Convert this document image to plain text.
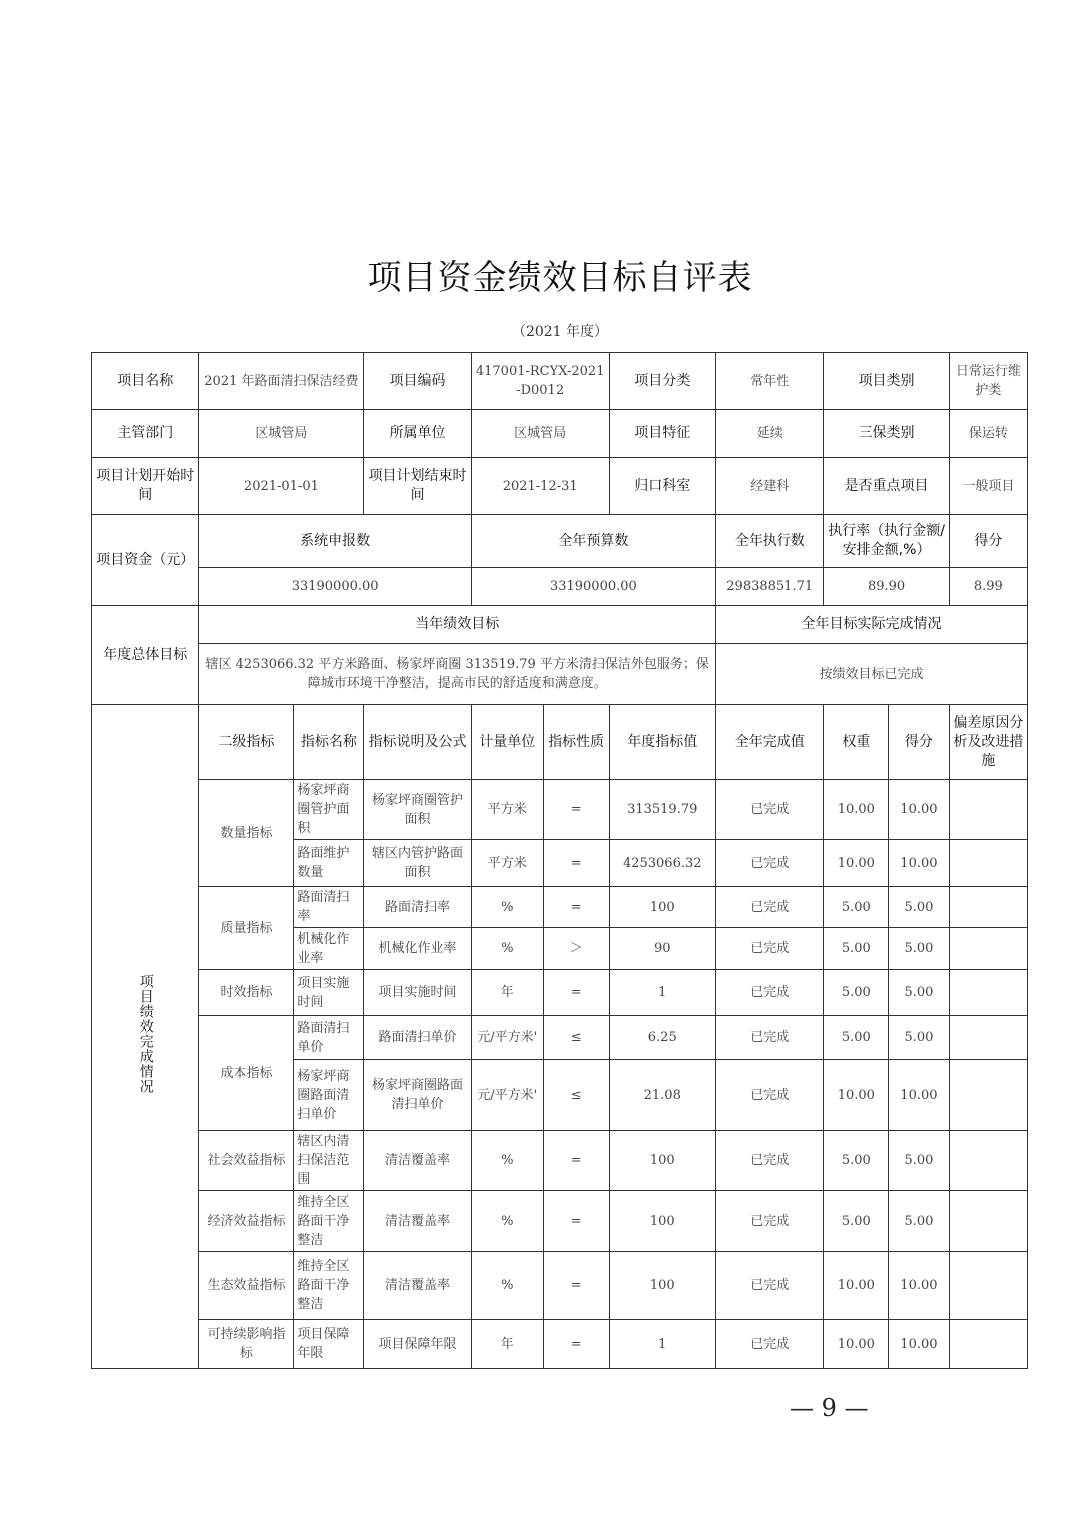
项目资金绩效目标自评表
（2021 年度）
项目名称	2021 年路面清扫保洁经费		项目编码	417001-RCYX-2021-D0012		项目分类	常年性	项目类别		日常运行维护类
主管部门	区城管局		所属单位	区城管局		项目特征	延续	三保类别		保运转
项目计划开始时间	2021-01-01		项目计划结束时间	2021-12-31		归口科室	经建科	是否重点项目		一般项目
项目资金（元）	系统申报数			全年预算数			全年执行数	执行率（执行金额/安排金额,%）		得分
	33190000.00			33190000.00			29838851.71	89.90		8.99
年度总体目标	当年绩效目标						全年目标实际完成情况			
	辖区 4253066.32 平方米路面、杨家坪商圈 313519.79 平方米清扫保洁外包服务；保障城市环境干净整洁，提高市民的舒适度和满意度。						按绩效目标已完成			
项目绩效完成情况	二级指标	指标名称	指标说明及公式	计量单位	指标性质	年度指标值	全年完成值	权重	得分	偏差原因分析及改进措施
	数量指标	杨家坪商圈管护面积	杨家坪商圈管护面积	平方米	=	313519.79	已完成	10.00	10.00	
		路面维护数量	辖区内管护路面面积	平方米	=	4253066.32	已完成	10.00	10.00	
	质量指标	路面清扫率	路面清扫率	%	=	100	已完成	5.00	5.00	
		机械化作业率	机械化作业率	%	＞	90	已完成	5.00	5.00	
	时效指标	项目实施时间	项目实施时间	年	=	1	已完成	5.00	5.00	
	成本指标	路面清扫单价	路面清扫单价	元/平方米'	≤	6.25	已完成	5.00	5.00	
		杨家坪商圈路面清扫单价	杨家坪商圈路面清扫单价	元/平方米'	≤	21.08	已完成	10.00	10.00	
	社会效益指标	辖区内清扫保洁范围	清洁覆盖率	%	=	100	已完成	5.00	5.00	
	经济效益指标	维持全区路面干净整洁	清洁覆盖率	%	=	100	已完成	5.00	5.00	
	生态效益指标	维持全区路面干净整洁	清洁覆盖率	%	=	100	已完成	10.00	10.00	
	可持续影响指标	项目保障年限	项目保障年限	年	=	1	已完成	10.00	10.00	
— 9 —
